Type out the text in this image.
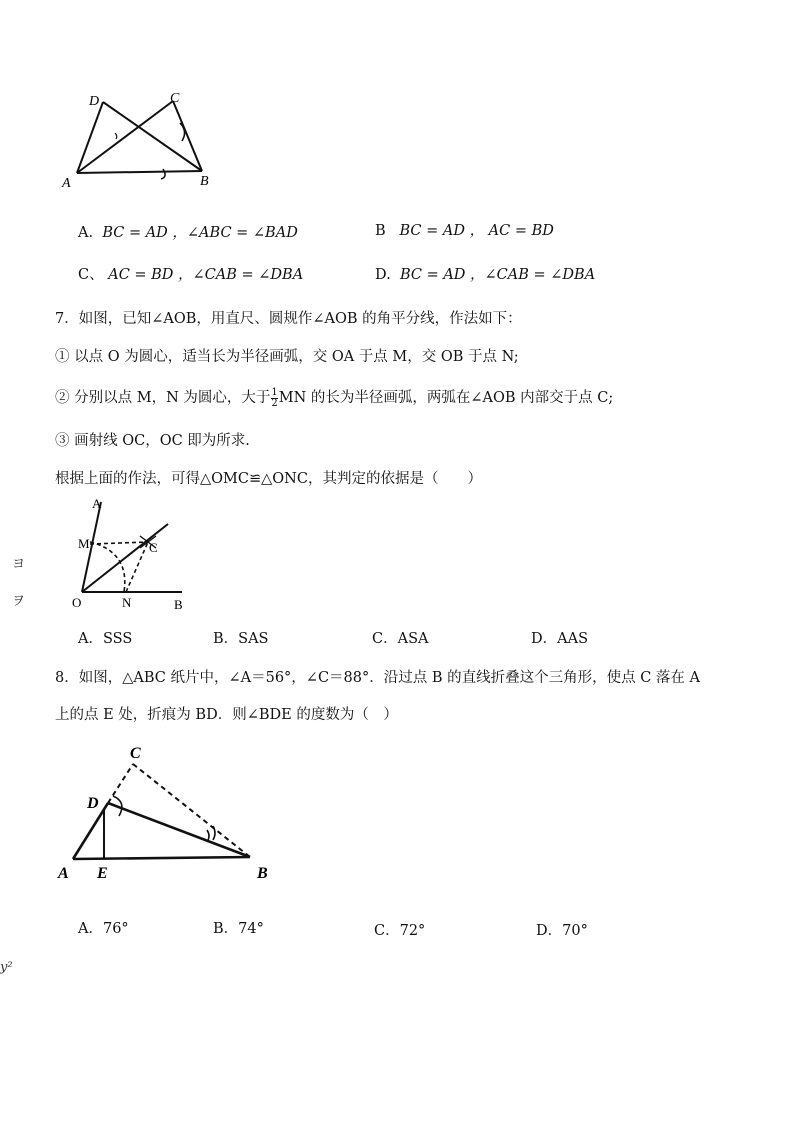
D	C
A	B
A. BC = AD ，∠ABC = ∠BAD	B BC = AD ， AC = BD
C、 AC = BD ，∠CAB = ∠DBA	D. BC = AD ，∠CAB = ∠DBA
7．如图，已知∠AOB，用直尺、圆规作∠AOB 的角平分线，作法如下：
① 以点 O 为圆心，适当长为半径画弧，交 OA 于点 M，交 OB 于点 N;
② 分别以点 M，N 为圆心，大于 $\frac{1}{2}$ MN 的长为半径画弧，两弧在∠AOB 内部交于点 C;
③ 画射线 OC，OC 即为所求.
根据上面的作法，可得△OMC≌△ONC，其判定的依据是（　　）
A
M	C
O	N	B
A．SSS	B．SAS	C．ASA	D．AAS
8．如图，△ABC 纸片中，∠A＝56°，∠C＝88°．沿过点 B 的直线折叠这个三角形，使点 C 落在 A
上的点 E 处，折痕为 BD．则∠BDE 的度数为（　）
C
D
A E	B
A．76°	B．74°	C．72°	D．70°
ヨ
ヲ
y²
